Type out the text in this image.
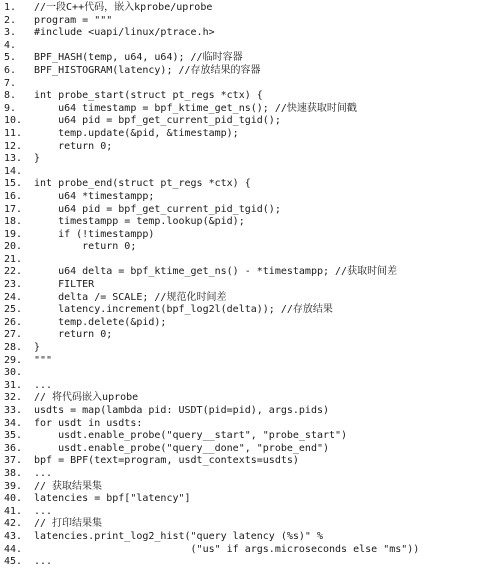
1.	//一段C++代码，嵌入kprobe/uprobe
2.	program = """
3.	#include <uapi/linux/ptrace.h>
4.
5.	BPF_HASH(temp, u64, u64); //临时容器
6.	BPF_HISTOGRAM(latency); //存放结果的容器
7.
8.	int probe_start(struct pt_regs *ctx) {
9.	u64 timestamp = bpf_ktime_get_ns(); //快速获取时间戳
10.	u64 pid = bpf_get_current_pid_tgid();
11.	temp.update(&pid, &timestamp);
12.	return 0;
13.	}
14.
15.	int probe_end(struct pt_regs *ctx) {
16.	u64 *timestampp;
17.	u64 pid = bpf_get_current_pid_tgid();
18.	timestampp = temp.lookup(&pid);
19.	if (!timestampp)
20.	return 0;
21.
22.	u64 delta = bpf_ktime_get_ns() - *timestampp; //获取时间差
23.	FILTER
24.	delta /= SCALE; //规范化时间差
25.	latency.increment(bpf_log2l(delta)); //存放结果
26.	temp.delete(&pid);
27.	return 0;
28.	}
29.	"""
30.
31.	...
32.	// 将代码嵌入uprobe
33.	usdts = map(lambda pid: USDT(pid=pid), args.pids)
34.	for usdt in usdts:
35.	usdt.enable_probe("query__start", "probe_start")
36.	usdt.enable_probe("query__done", "probe_end")
37.	bpf = BPF(text=program, usdt_contexts=usdts)
38.	...
39.	// 获取结果集
40.	latencies = bpf["latency"]
41.	...
42.	// 打印结果集
43.	latencies.print_log2_hist("query latency (%s)" %
44.	("us" if args.microseconds else "ms"))
45.	...
